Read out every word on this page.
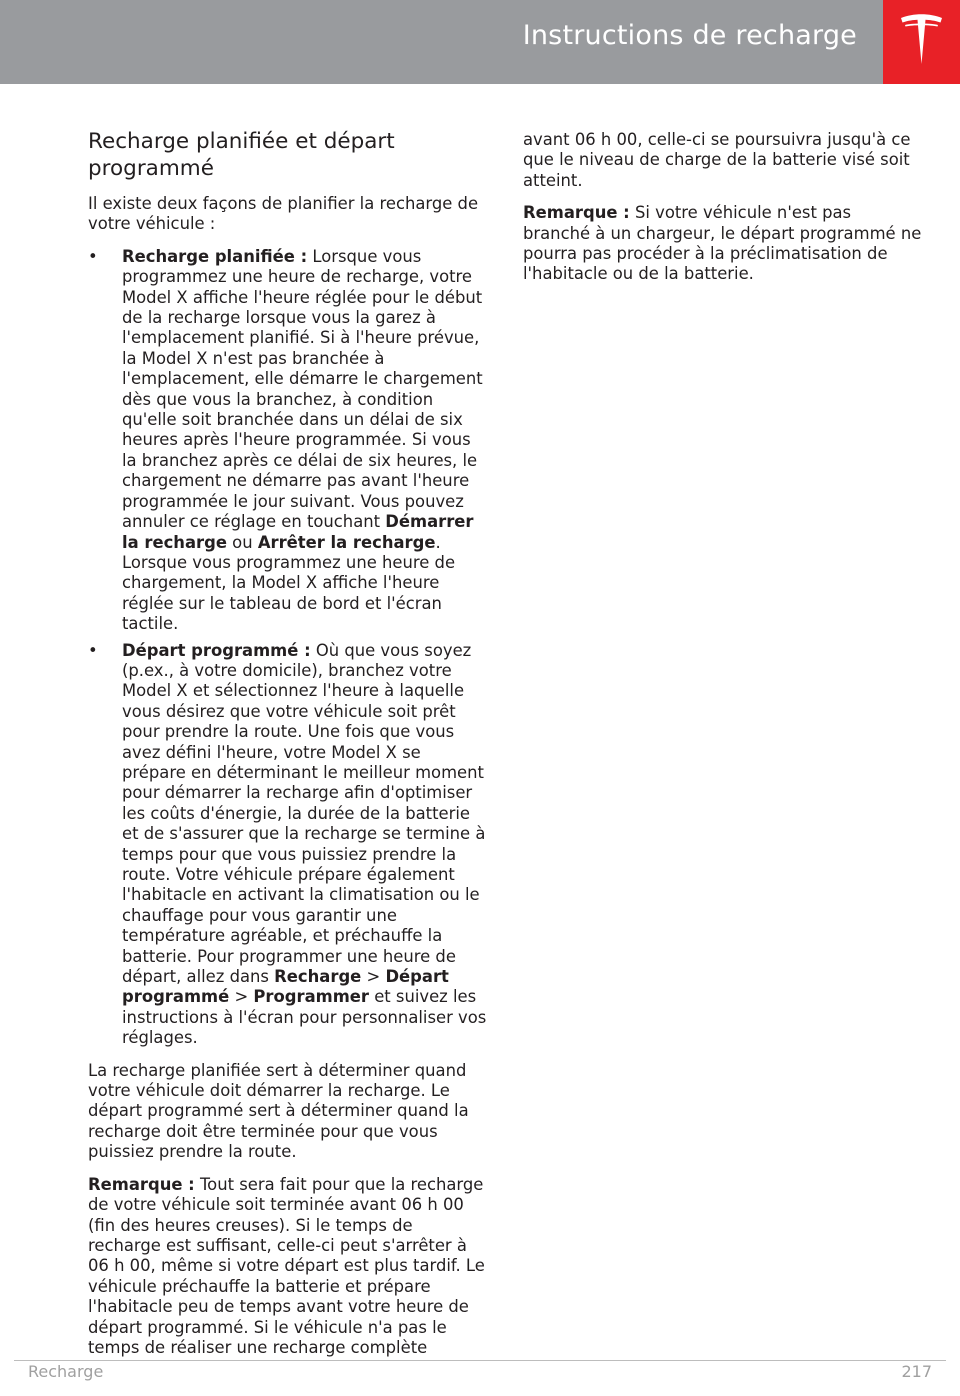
Instructions de recharge
Recharge planifiée et départ programmé

Il existe deux façons de planifier la recharge de votre véhicule :

• Recharge planifiée : Lorsque vous programmez une heure de recharge, votre Model X affiche l'heure réglée pour le début de la recharge lorsque vous la garez à l'emplacement planifié. Si à l'heure prévue, la Model X n'est pas branchée à l'emplacement, elle démarre le chargement dès que vous la branchez, à condition qu'elle soit branchée dans un délai de six heures après l'heure programmée. Si vous la branchez après ce délai de six heures, le chargement ne démarre pas avant l'heure programmée le jour suivant. Vous pouvez annuler ce réglage en touchant Démarrer la recharge ou Arrêter la recharge. Lorsque vous programmez une heure de chargement, la Model X affiche l'heure réglée sur le tableau de bord et l'écran tactile.
• Départ programmé : Où que vous soyez (p.ex., à votre domicile), branchez votre Model X et sélectionnez l'heure à laquelle vous désirez que votre véhicule soit prêt pour prendre la route. Une fois que vous avez défini l'heure, votre Model X se prépare en déterminant le meilleur moment pour démarrer la recharge afin d'optimiser les coûts d'énergie, la durée de la batterie et de s'assurer que la recharge se termine à temps pour que vous puissiez prendre la route. Votre véhicule prépare également l'habitacle en activant la climatisation ou le chauffage pour vous garantir une température agréable, et préchauffe la batterie. Pour programmer une heure de départ, allez dans Recharge > Départ programmé > Programmer et suivez les instructions à l'écran pour personnaliser vos réglages.

La recharge planifiée sert à déterminer quand votre véhicule doit démarrer la recharge. Le départ programmé sert à déterminer quand la recharge doit être terminée pour que vous puissiez prendre la route.

Remarque : Tout sera fait pour que la recharge de votre véhicule soit terminée avant 06 h 00 (fin des heures creuses). Si le temps de recharge est suffisant, celle-ci peut s'arrêter à 06 h 00, même si votre départ est plus tardif. Le véhicule préchauffe la batterie et prépare l'habitacle peu de temps avant votre heure de départ programmé. Si le véhicule n'a pas le temps de réaliser une recharge complète

avant 06 h 00, celle-ci se poursuivra jusqu'à ce que le niveau de charge de la batterie visé soit atteint.

Remarque : Si votre véhicule n'est pas branché à un chargeur, le départ programmé ne pourra pas procéder à la préclimatisation de l'habitacle ou de la batterie.

Recharge	217
